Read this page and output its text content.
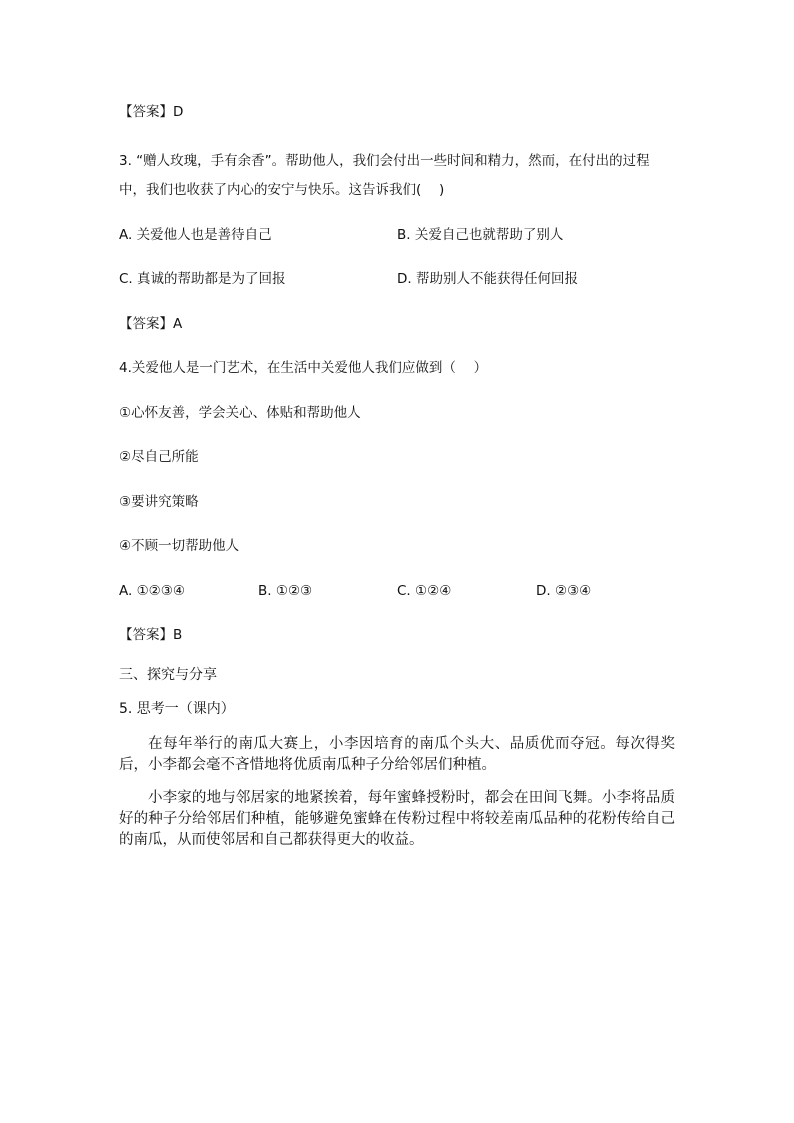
【答案】D
3. “赠人玫瑰，手有余香”。帮助他人，我们会付出一些时间和精力，然而，在付出的过程
中，我们也收获了内心的安宁与快乐。这告诉我们(　 )
A. 关爱他人也是善待自己	B. 关爱自己也就帮助了别人
C. 真诚的帮助都是为了回报	D. 帮助别人不能获得任何回报
【答案】A
4.关爱他人是一门艺术，在生活中关爱他人我们应做到（　 ）
①心怀友善，学会关心、体贴和帮助他人
②尽自己所能
③要讲究策略
④不顾一切帮助他人
A. ①②③④	B. ①②③	C. ①②④	D. ②③④
【答案】B
三、探究与分享
5. 思考一（课内）
在每年举行的南瓜大赛上，小李因培育的南瓜个头大、品质优而夺冠。每次得奖后，小李都会毫不吝惜地将优质南瓜种子分给邻居们种植。
小李家的地与邻居家的地紧挨着，每年蜜蜂授粉时，都会在田间飞舞。小李将品质好的种子分给邻居们种植，能够避免蜜蜂在传粉过程中将较差南瓜品种的花粉传给自己的南瓜，从而使邻居和自己都获得更大的收益。
